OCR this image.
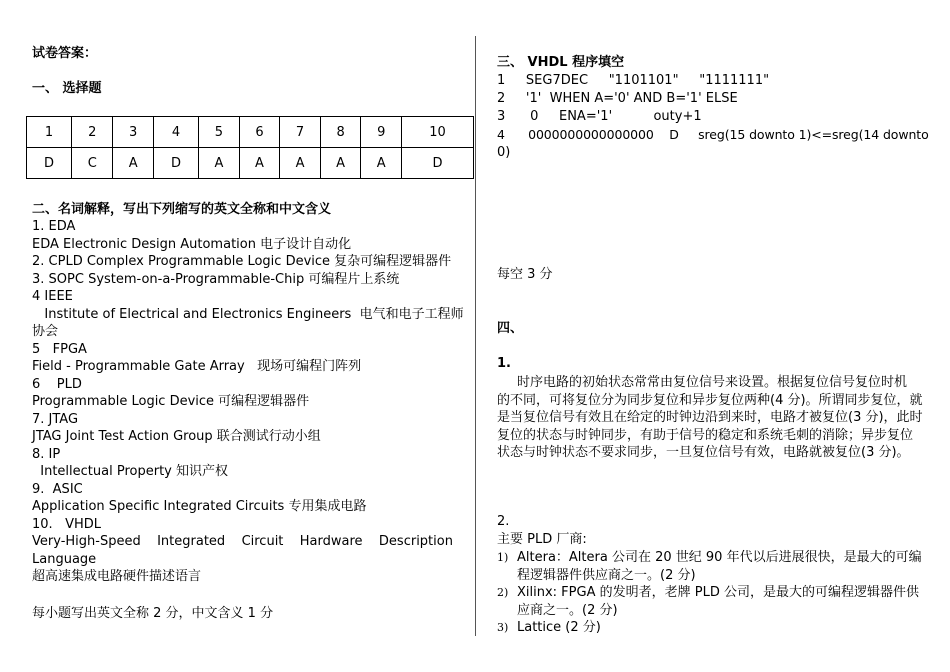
试卷答案：
一、 选择题
1	2	3	4	5	6	7	8	9	10
D	C	A	D	A	A	A	A	A	D
二、名词解释，写出下列缩写的英文全称和中文含义
1. EDA
EDA Electronic Design Automation 电子设计自动化
2. CPLD Complex Programmable Logic Device 复杂可编程逻辑器件
3. SOPC System-on-a-Programmable-Chip 可编程片上系统
4 IEEE
Institute of Electrical and Electronics Engineers  电气和电子工程师
协会
5   FPGA
Field - Programmable Gate Array   现场可编程门阵列
6    PLD
Programmable Logic Device 可编程逻辑器件
7. JTAG
JTAG Joint Test Action Group 联合测试行动小组
8. IP
Intellectual Property 知识产权
9.  ASIC
Application Specific Integrated Circuits 专用集成电路
10.   VHDL
Very-High-Speed Integrated Circuit Hardware Description
Language
超高速集成电路硬件描述语言
每小题写出英文全称 2 分，中文含义 1 分
三、 VHDL 程序填空
1     SEG7DEC     "1101101"     "1111111"
2     '1'  WHEN A='0' AND B='1' ELSE
3      0     ENA='1'          outy+1
4      0000000000000000    D     sreg(15 downto 1)<=sreg(14 downto
0)
每空 3 分
四、
1.
时序电路的初始状态常常由复位信号来设置。根据复位信号复位时机
的不同，可将复位分为同步复位和异步复位两种(4 分)。所谓同步复位，就
是当复位信号有效且在给定的时钟边沿到来时，电路才被复位(3 分)，此时
复位的状态与时钟同步，有助于信号的稳定和系统毛刺的消除；异步复位
状态与时钟状态不要求同步，一旦复位信号有效，电路就被复位(3 分)。
2.
主要 PLD 厂商:
1) Altera：Altera 公司在 20 世纪 90 年代以后进展很快，是最大的可编
程逻辑器件供应商之一。(2 分)
2) Xilinx: FPGA 的发明者，老牌 PLD 公司，是最大的可编程逻辑器件供
应商之一。(2 分)
3) Lattice (2 分)
